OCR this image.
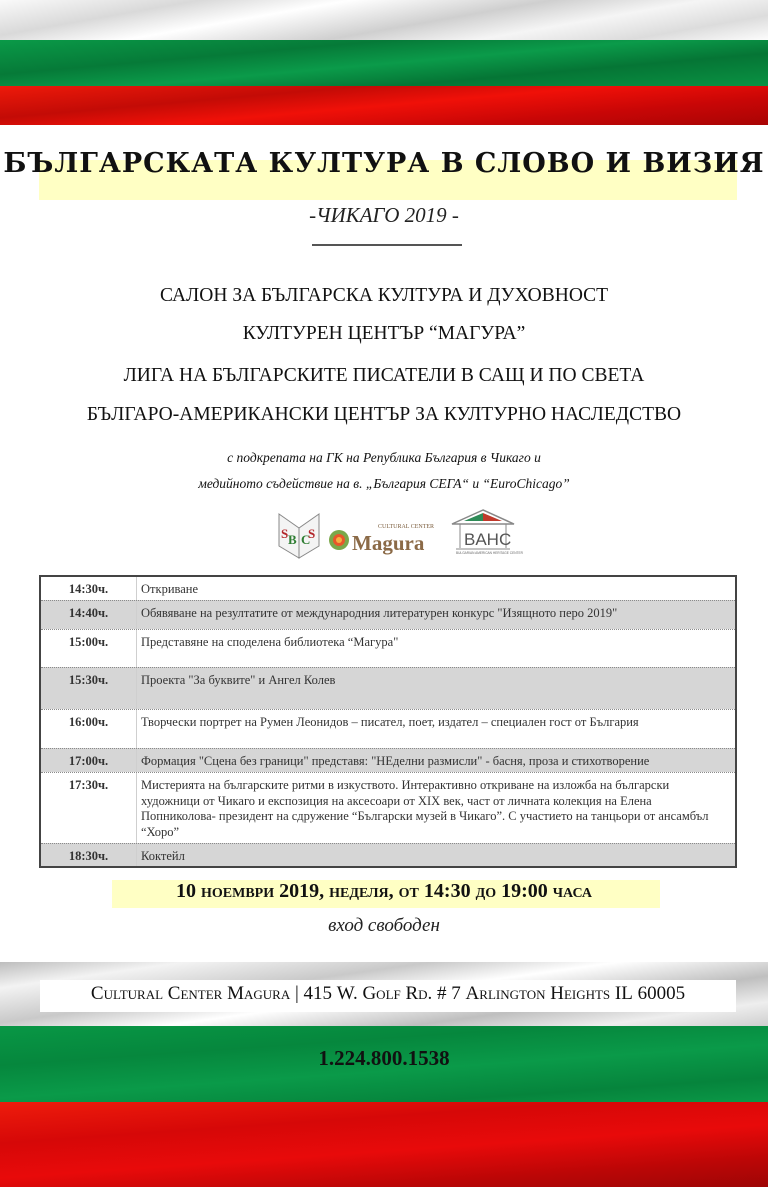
БЪЛГАРСКАТА КУЛТУРА В СЛОВО И ВИЗИЯ
-ЧИКАГО 2019 -
САЛОН ЗА БЪЛГАРСКА КУЛТУРА И ДУХОВНОСТ
КУЛТУРЕН ЦЕНТЪР “МАГУРА”
ЛИГА НА БЪЛГАРСКИТЕ ПИСАТЕЛИ В САЩ И ПО СВЕТА
БЪЛГАРО-АМЕРИКАНСКИ ЦЕНТЪР ЗА КУЛТУРНО НАСЛЕДСТВО
с подкрепата на ГК на Република България в Чикаго и
медийното съдействие на в. „България СЕГА“ и “EuroChicago”
S B C
S	CULTURAL CENTER
Magura BAHC
BULGARIAN AMERICAN HERITAGE CENTER
14:30ч.	Откриване
14:40ч.	Обявяване на резултатите от международния литературен конкурс "Изящното перо 2019"
15:00ч.	Представяне на споделена библиотека “Магура"
15:30ч.	Проекта "За буквите" и Ангел Колев
16:00ч.	Творчески портрет на Румен Леонидов – писател, поет, издател – специален гост от България
17:00ч.	Формация "Сцена без граници" представя: "НЕделни размисли" - басня, проза и стихотворение
17:30ч.	Мистерията на българските ритми в изкуството. Интерактивно откриване на изложба на български художници от Чикаго и експозиция на аксесоари от XIX век, част от личната колекция на Елена Попниколова- президент на сдружение “Български музей в Чикаго”. С участието на танцьори от ансамбъл “Хоро”
18:30ч.	Коктейл
10 ноември 2019, неделя, от 14:30 до 19:00 часа
вход свободен
Cultural Center Magura | 415 W. Golf Rd. # 7 Arlington Heights IL 60005
1.224.800.1538
